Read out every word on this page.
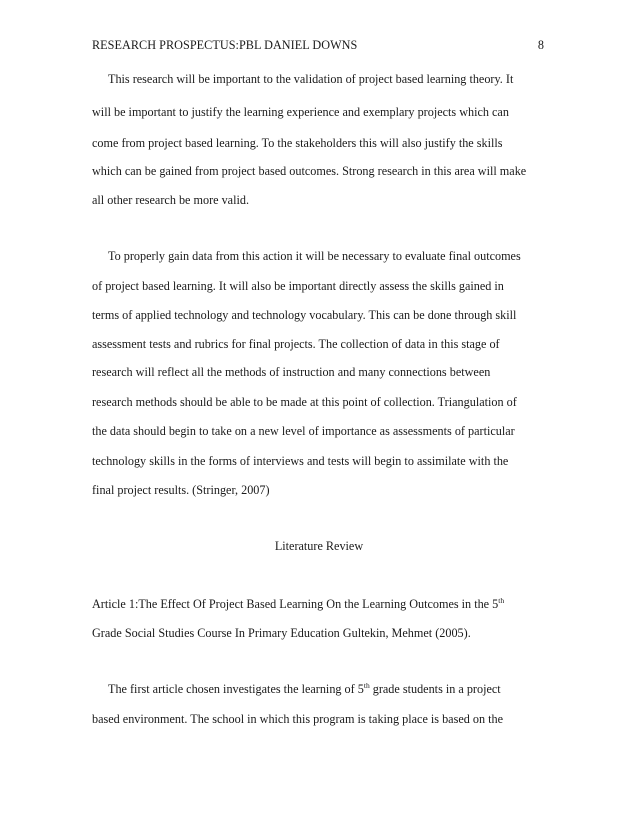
RESEARCH PROSPECTUS:PBL DANIEL DOWNS	8
This research will be important to the validation of project based learning theory. It
will be important to justify the learning experience and exemplary projects which can
come from project based learning. To the stakeholders this will also justify the skills
which can be gained from project based outcomes. Strong research in this area will make
all other research be more valid.
To properly gain data from this action it will be necessary to evaluate final outcomes
of project based learning. It will also be important directly assess the skills gained in
terms of applied technology and technology vocabulary. This can be done through skill
assessment tests and rubrics for final projects. The collection of data in this stage of
research will reflect all the methods of instruction and many connections between
research methods should be able to be made at this point of collection. Triangulation of
the data should begin to take on a new level of importance as assessments of particular
technology skills in the forms of interviews and tests will begin to assimilate with the
final project results. (Stringer, 2007)
Literature Review
Article 1:The Effect Of Project Based Learning On the Learning Outcomes in the 5th
Grade Social Studies Course In Primary Education Gultekin, Mehmet (2005).
The first article chosen investigates the learning of 5th grade students in a project
based environment. The school in which this program is taking place is based on the
